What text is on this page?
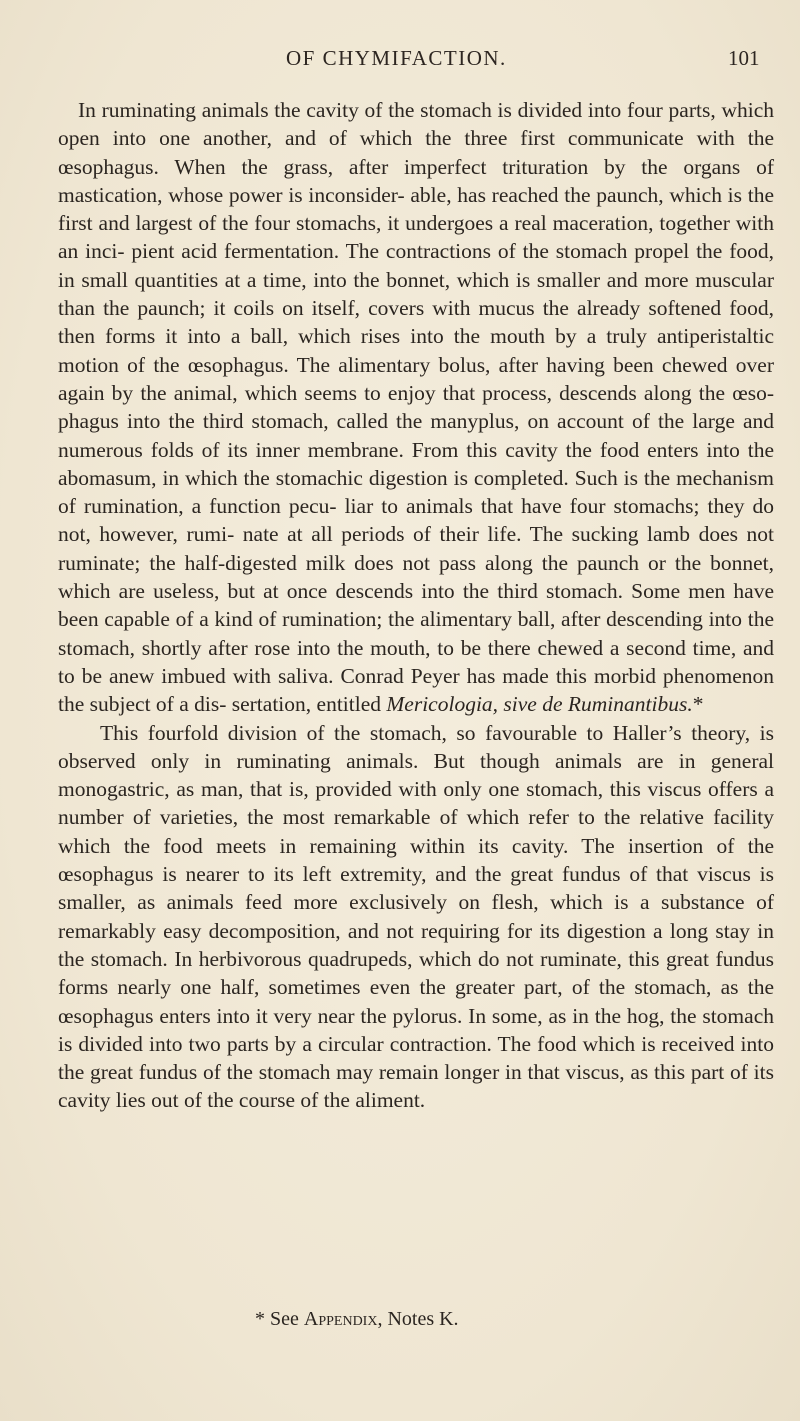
OF CHYMIFACTION.	101

In ruminating animals the cavity of the stomach is divided into four parts, which open into one another, and of which the three first communicate with the œsophagus. When the grass, after imperfect trituration by the organs of mastication, whose power is inconsider- able, has reached the paunch, which is the first and largest of the four stomachs, it undergoes a real maceration, together with an inci- pient acid fermentation. The contractions of the stomach propel the food, in small quantities at a time, into the bonnet, which is smaller and more muscular than the paunch; it coils on itself, covers with mucus the already softened food, then forms it into a ball, which rises into the mouth by a truly antiperistaltic motion of the œsophagus. The alimentary bolus, after having been chewed over again by the animal, which seems to enjoy that process, descends along the œso- phagus into the third stomach, called the manyplus, on account of the large and numerous folds of its inner membrane. From this cavity the food enters into the abomasum, in which the stomachic digestion is completed. Such is the mechanism of rumination, a function pecu- liar to animals that have four stomachs; they do not, however, rumi- nate at all periods of their life. The sucking lamb does not ruminate; the half-digested milk does not pass along the paunch or the bonnet, which are useless, but at once descends into the third stomach. Some men have been capable of a kind of rumination; the alimentary ball, after descending into the stomach, shortly after rose into the mouth, to be there chewed a second time, and to be anew imbued with saliva. Conrad Peyer has made this morbid phenomenon the subject of a dis- sertation, entitled Mericologia, sive de Ruminantibus.*

This fourfold division of the stomach, so favourable to Haller’s theory, is observed only in ruminating animals. But though animals are in general monogastric, as man, that is, provided with only one stomach, this viscus offers a number of varieties, the most remarkable of which refer to the relative facility which the food meets in remaining within its cavity. The insertion of the œsophagus is nearer to its left extremity, and the great fundus of that viscus is smaller, as animals feed more exclusively on flesh, which is a substance of remarkably easy decomposition, and not requiring for its digestion a long stay in the stomach. In herbivorous quadrupeds, which do not ruminate, this great fundus forms nearly one half, sometimes even the greater part, of the stomach, as the œsophagus enters into it very near the pylorus. In some, as in the hog, the stomach is divided into two parts by a circular contraction. The food which is received into the great fundus of the stomach may remain longer in that viscus, as this part of its cavity lies out of the course of the aliment.

* See Appendix, Notes K.
